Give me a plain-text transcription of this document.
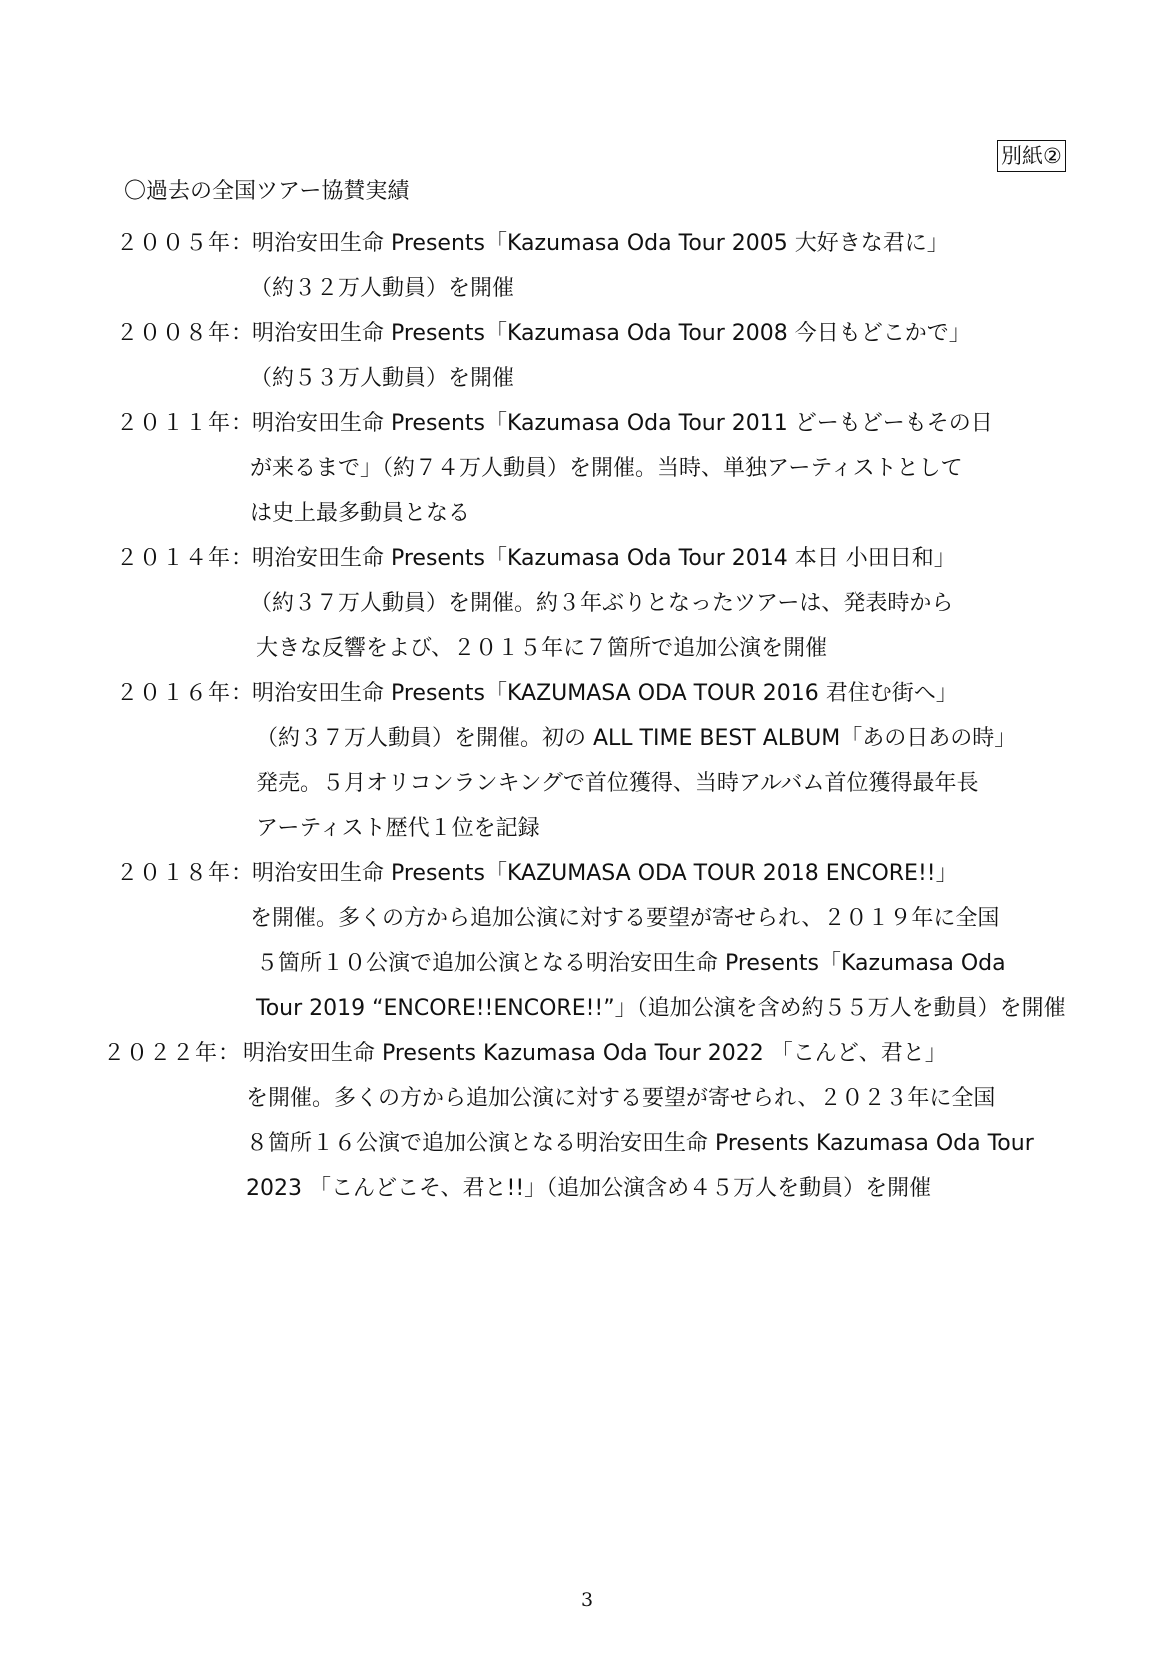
別紙②
〇過去の全国ツアー協賛実績
２００５年：
明治安田生命 Presents「Kazumasa Oda Tour 2005 大好きな君に」
（約３２万人動員）を開催
２００８年：
明治安田生命 Presents「Kazumasa Oda Tour 2008 今日もどこかで」
（約５３万人動員）を開催
２０１１年：
明治安田生命 Presents「Kazumasa Oda Tour 2011 どーもどーもその日
が来るまで」（約７４万人動員）を開催。当時、単独アーティストとして
は史上最多動員となる
２０１４年：
明治安田生命 Presents「Kazumasa Oda Tour 2014 本日 小田日和」
（約３７万人動員）を開催。約３年ぶりとなったツアーは、発表時から
大きな反響をよび、２０１５年に７箇所で追加公演を開催
２０１６年：
明治安田生命 Presents「KAZUMASA ODA TOUR 2016 君住む街へ」
（約３７万人動員）を開催。初の ALL TIME BEST ALBUM「あの日あの時」
発売。５月オリコンランキングで首位獲得、当時アルバム首位獲得最年長
アーティスト歴代１位を記録
２０１８年：
明治安田生命 Presents「KAZUMASA ODA TOUR 2018 ENCORE!!」
を開催。多くの方から追加公演に対する要望が寄せられ、２０１９年に全国
５箇所１０公演で追加公演となる明治安田生命 Presents「Kazumasa Oda
Tour 2019 “ENCORE!!ENCORE!!”」（追加公演を含め約５５万人を動員）を開催
２０２２年： 明治安田生命 Presents Kazumasa Oda Tour 2022 「こんど、君と」
を開催。多くの方から追加公演に対する要望が寄せられ、２０２３年に全国
８箇所１６公演で追加公演となる明治安田生命 Presents Kazumasa Oda Tour
2023 「こんどこそ、君と!!」（追加公演含め４５万人を動員）を開催
3
